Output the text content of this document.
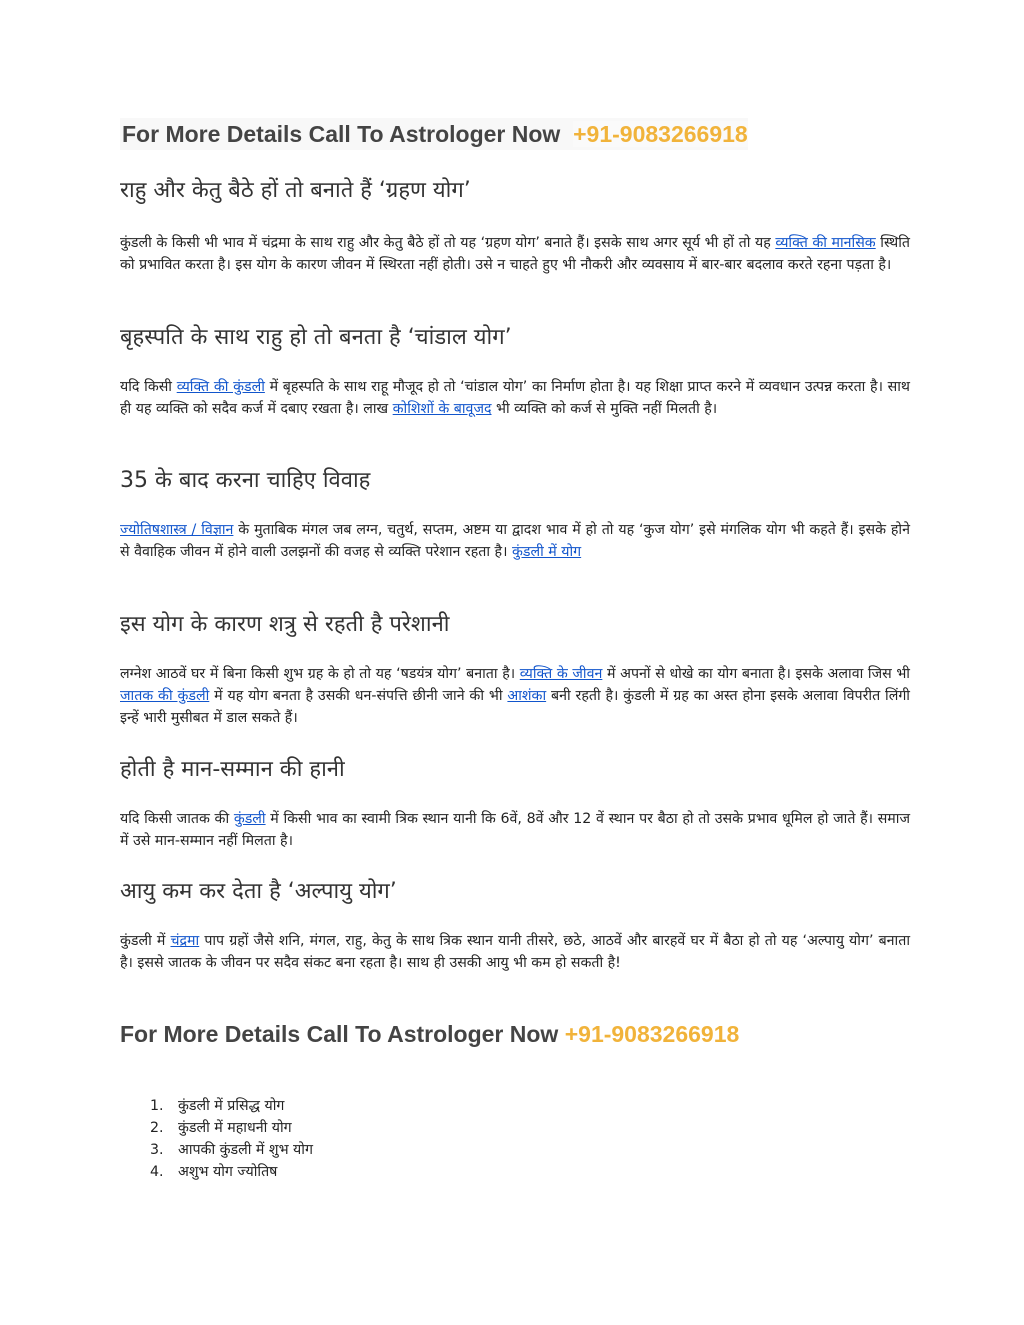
For More Details Call To Astrologer Now +91-9083266918

राहु और केतु बैठे हों तो बनाते हैं ‘ग्रहण योग’

कुंडली के किसी भी भाव में चंद्रमा के साथ राहु और केतु बैठे हों तो यह ‘ग्रहण योग’ बनाते हैं। इसके साथ अगर सूर्य भी हों तो यह व्यक्ति की मानसिक स्थिति को प्रभावित करता है। इस योग के कारण जीवन में स्थिरता नहीं होती। उसे न चाहते हुए भी नौकरी और व्यवसाय में बार-बार बदलाव करते रहना पड़ता है।

बृहस्पति के साथ राहु हो तो बनता है ‘चांडाल योग’

यदि किसी व्यक्ति की कुंडली में बृहस्पति के साथ राहू मौजूद हो तो ‘चांडाल योग’ का निर्माण होता है। यह शिक्षा प्राप्त करने में व्यवधान उत्पन्न करता है। साथ ही यह व्यक्ति को सदैव कर्ज में दबाए रखता है। लाख कोशिशों के बावूजद भी व्यक्ति को कर्ज से मुक्ति नहीं मिलती है।

35 के बाद करना चाहिए विवाह

ज्योतिषशास्त्र / विज्ञान के मुताबिक मंगल जब लग्न, चतुर्थ, सप्तम, अष्टम या द्वादश भाव में हो तो यह ‘कुज योग’ इसे मंगलिक योग भी कहते हैं। इसके होने से वैवाहिक जीवन में होने वाली उलझनों की वजह से व्यक्ति परेशान रहता है। कुंडली में योग

इस योग के कारण शत्रु से रहती है परेशानी

लग्नेश आठवें घर में बिना किसी शुभ ग्रह के हो तो यह ‘षडयंत्र योग’ बनाता है। व्यक्ति के जीवन में अपनों से धोखे का योग बनाता है। इसके अलावा जिस भी जातक की कुंडली में यह योग बनता है उसकी धन-संपत्ति छीनी जाने की भी आशंका बनी रहती है। कुंडली में ग्रह का अस्त होना इसके अलावा विपरीत लिंगी इन्हें भारी मुसीबत में डाल सकते हैं।

होती है मान-सम्मान की हानी

यदि किसी जातक की कुंडली में किसी भाव का स्वामी त्रिक स्थान यानी कि 6वें, 8वें और 12 वें स्थान पर बैठा हो तो उसके प्रभाव धूमिल हो जाते हैं। समाज में उसे मान-सम्मान नहीं मिलता है।

आयु कम कर देता है ‘अल्पायु योग’

कुंडली में चंद्रमा पाप ग्रहों जैसे शनि, मंगल, राहु, केतु के साथ त्रिक स्थान यानी तीसरे, छठे, आठवें और बारहवें घर में बैठा हो तो यह ‘अल्पायु योग’ बनाता है। इससे जातक के जीवन पर सदैव संकट बना रहता है। साथ ही उसकी आयु भी कम हो सकती है!

For More Details Call To Astrologer Now +91-9083266918

1.	कुंडली में प्रसिद्ध योग
2.	कुंडली में महाधनी योग
3.	आपकी कुंडली में शुभ योग
4.	अशुभ योग ज्योतिष
